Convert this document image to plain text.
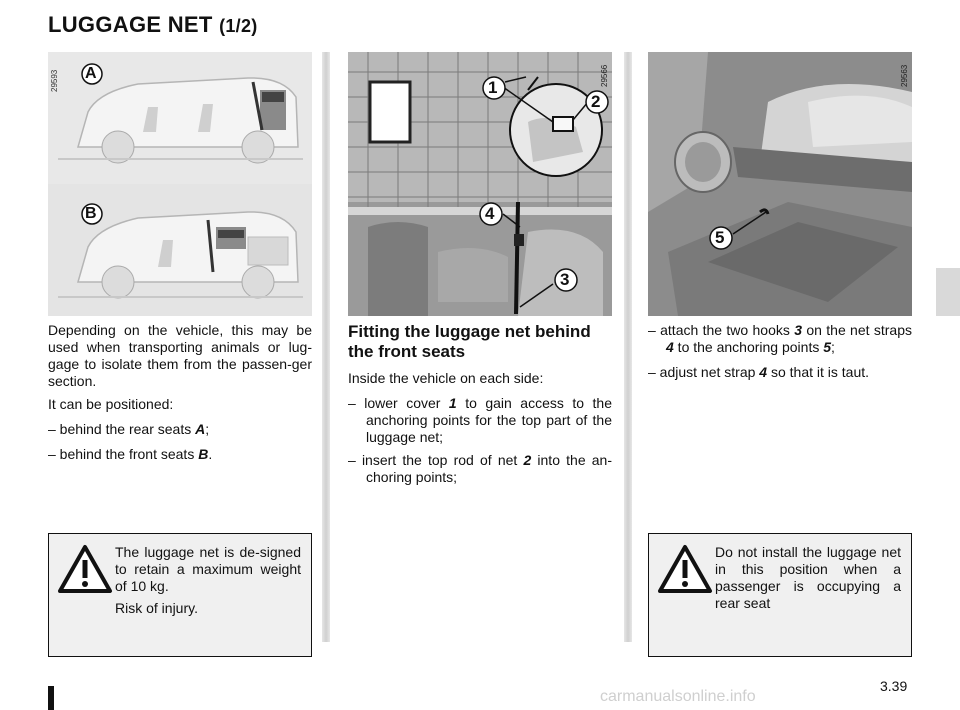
LUGGAGE NET (1/2)
A
B
29593	1
2
4
3
29566
5
29563
Depending on the vehicle, this may be used when transporting animals or lug-gage to isolate them from the passen-ger section.
It can be positioned:
– behind the rear seats A;
– behind the front seats B.
Fitting the luggage net behind the front seats
Inside the vehicle on each side:
– lower cover 1 to gain access to the anchoring points for the top part of the luggage net;
– insert the top rod of net 2 into the an-choring points;
– attach the two hooks 3 on the net straps 4 to the anchoring points 5;
– adjust net strap 4 so that it is taut.
The luggage net is de-signed to retain a maximum weight of 10 kg.
Risk of injury.
Do not install the luggage net in this position when a passenger is occupying a rear seat
3.39
carmanualsonline.info
